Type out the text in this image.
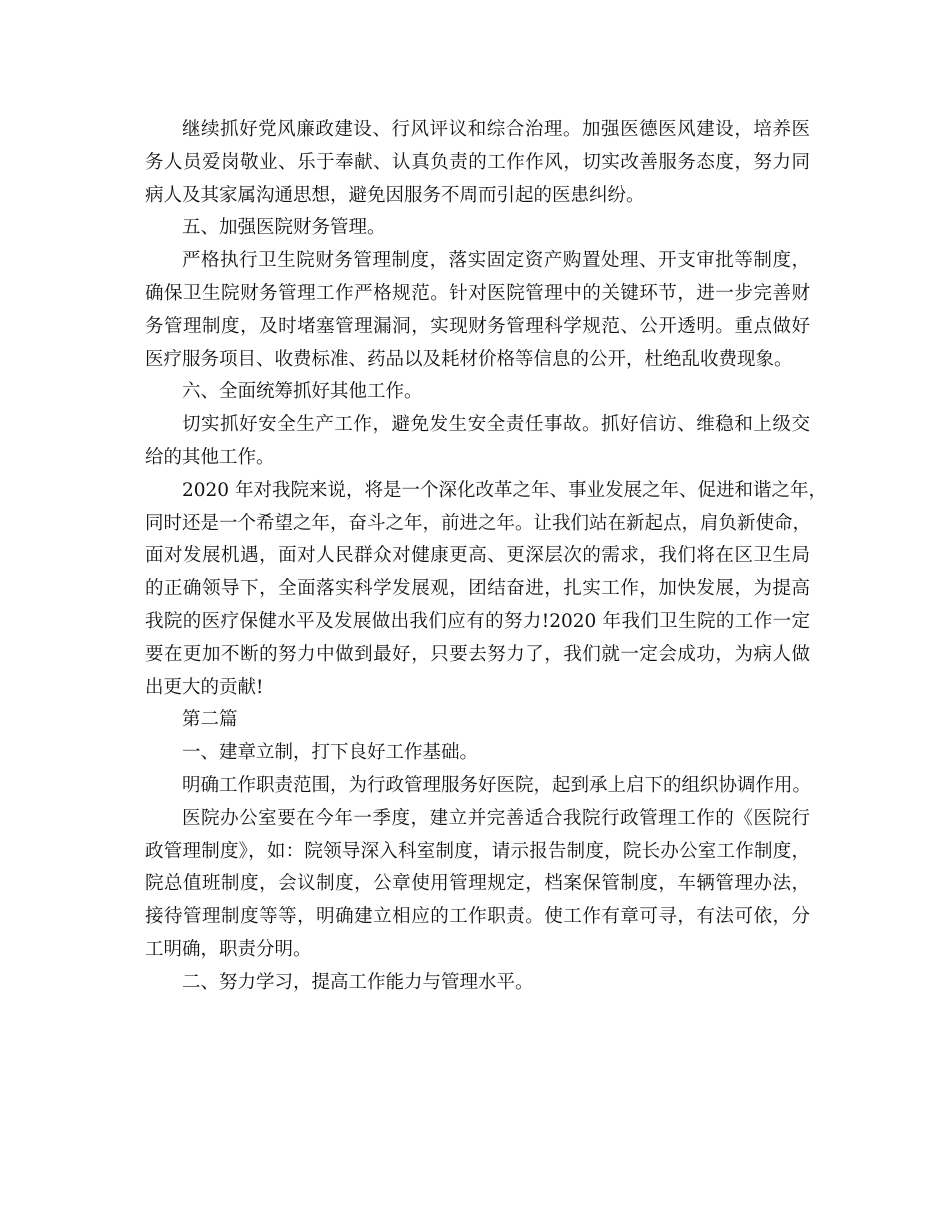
继续抓好党风廉政建设、行风评议和综合治理。加强医德医风建设，培养医
务人员爱岗敬业、乐于奉献、认真负责的工作作风，切实改善服务态度，努力同
病人及其家属沟通思想，避免因服务不周而引起的医患纠纷。
五、加强医院财务管理。
严格执行卫生院财务管理制度，落实固定资产购置处理、开支审批等制度，
确保卫生院财务管理工作严格规范。针对医院管理中的关键环节，进一步完善财
务管理制度，及时堵塞管理漏洞，实现财务管理科学规范、公开透明。重点做好
医疗服务项目、收费标准、药品以及耗材价格等信息的公开，杜绝乱收费现象。
六、全面统筹抓好其他工作。
切实抓好安全生产工作，避免发生安全责任事故。抓好信访、维稳和上级交
给的其他工作。
2020 年对我院来说，将是一个深化改革之年、事业发展之年、促进和谐之年，
同时还是一个希望之年，奋斗之年，前进之年。让我们站在新起点，肩负新使命，
面对发展机遇，面对人民群众对健康更高、更深层次的需求，我们将在区卫生局
的正确领导下，全面落实科学发展观，团结奋进，扎实工作，加快发展，为提高
我院的医疗保健水平及发展做出我们应有的努力!2020 年我们卫生院的工作一定
要在更加不断的努力中做到最好，只要去努力了，我们就一定会成功，为病人做
出更大的贡献!
第二篇
一、建章立制，打下良好工作基础。
明确工作职责范围，为行政管理服务好医院，起到承上启下的组织协调作用。
医院办公室要在今年一季度，建立并完善适合我院行政管理工作的《医院行
政管理制度》，如：院领导深入科室制度，请示报告制度，院长办公室工作制度，
院总值班制度，会议制度，公章使用管理规定，档案保管制度，车辆管理办法，
接待管理制度等等，明确建立相应的工作职责。使工作有章可寻，有法可依，分
工明确，职责分明。
二、努力学习，提高工作能力与管理水平。
